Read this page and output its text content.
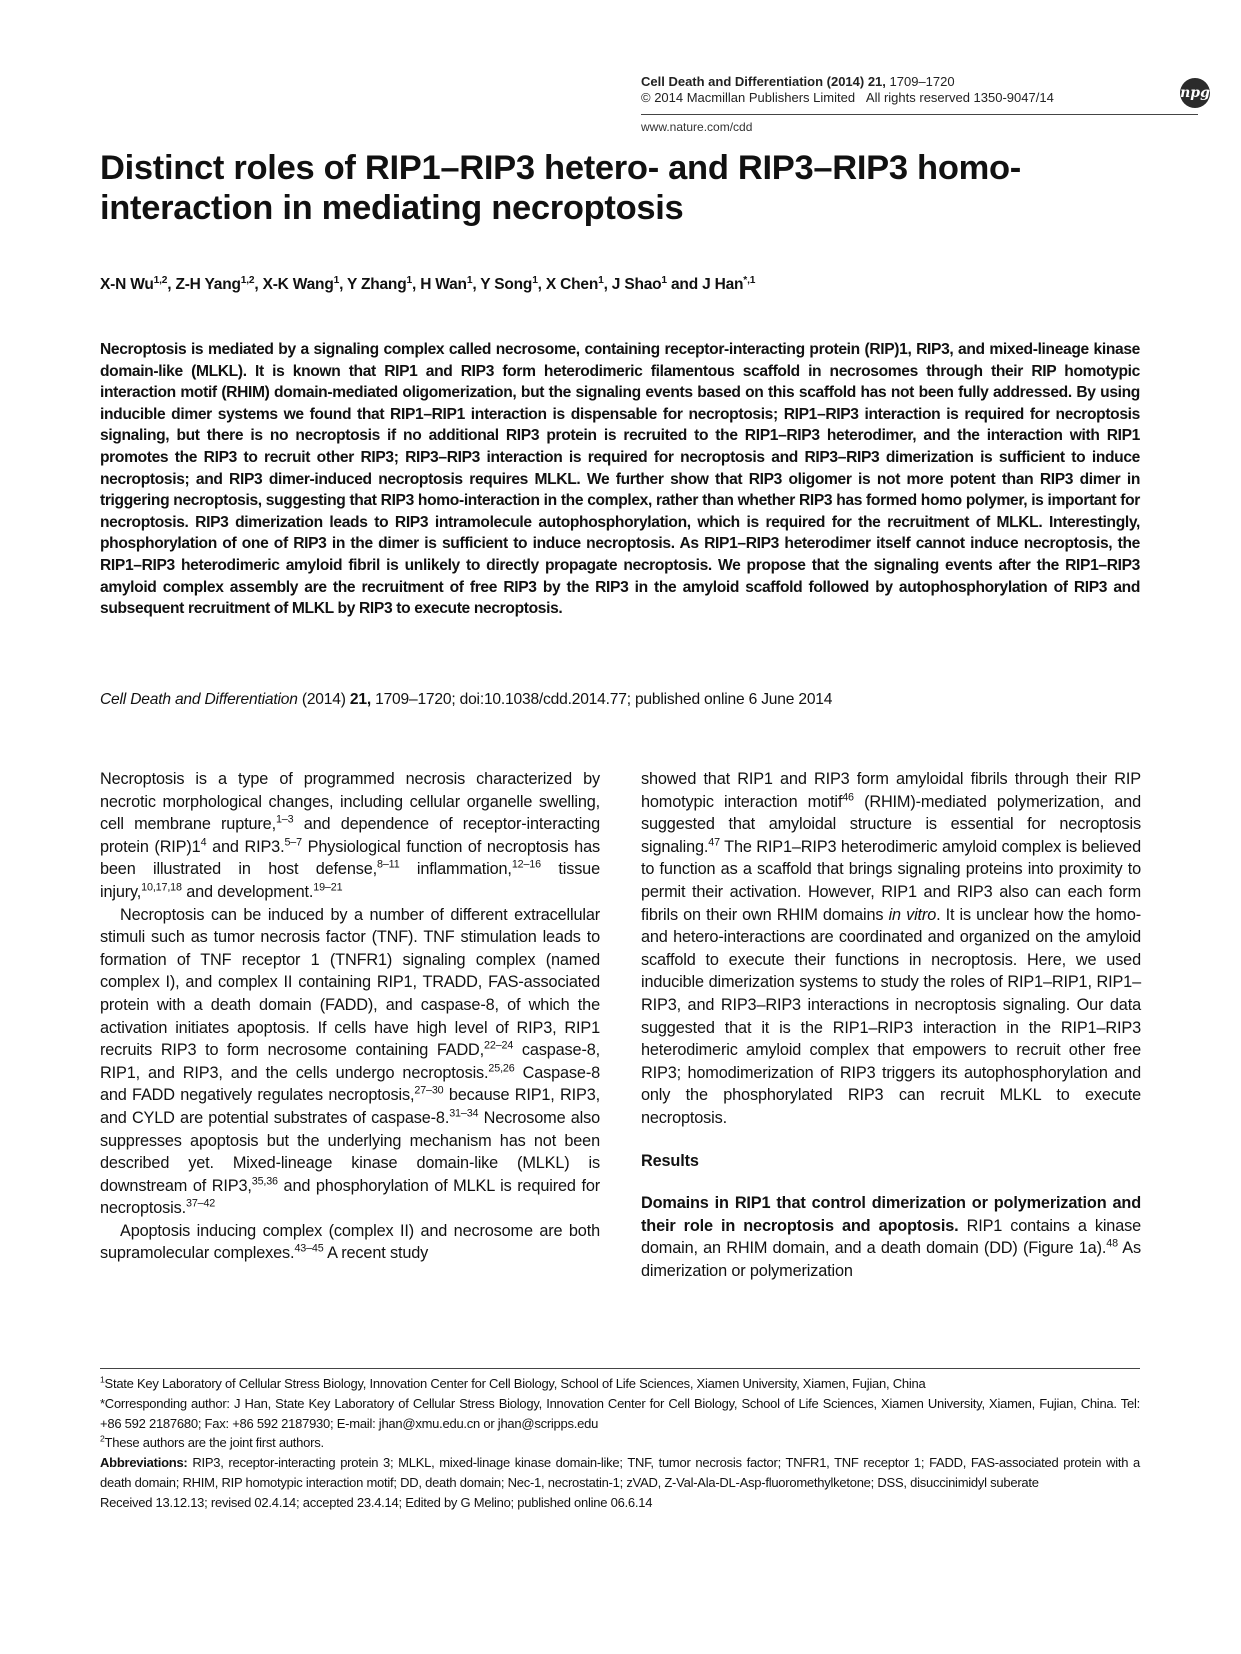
Cell Death and Differentiation (2014) 21, 1709–1720
© 2014 Macmillan Publishers Limited All rights reserved 1350-9047/14	npg
www.nature.com/cdd
Distinct roles of RIP1–RIP3 hetero- and RIP3–RIP3 homo-interaction in mediating necroptosis

X-N Wu$^{1,2}$, Z-H Yang$^{1,2}$, X-K Wang$^1$, Y Zhang$^1$, H Wan$^1$, Y Song$^1$, X Chen$^1$, J Shao$^1$ and J Han$^{*,1}$

Necroptosis is mediated by a signaling complex called necrosome, containing receptor-interacting protein (RIP)1, RIP3, and mixed-lineage kinase domain-like (MLKL). It is known that RIP1 and RIP3 form heterodimeric filamentous scaffold in necrosomes through their RIP homotypic interaction motif (RHIM) domain-mediated oligomerization, but the signaling events based on this scaffold has not been fully addressed. By using inducible dimer systems we found that RIP1–RIP1 interaction is dispensable for necroptosis; RIP1–RIP3 interaction is required for necroptosis signaling, but there is no necroptosis if no additional RIP3 protein is recruited to the RIP1–RIP3 heterodimer, and the interaction with RIP1 promotes the RIP3 to recruit other RIP3; RIP3–RIP3 interaction is required for necroptosis and RIP3–RIP3 dimerization is sufficient to induce necroptosis; and RIP3 dimer-induced necroptosis requires MLKL. We further show that RIP3 oligomer is not more potent than RIP3 dimer in triggering necroptosis, suggesting that RIP3 homo-interaction in the complex, rather than whether RIP3 has formed homo polymer, is important for necroptosis. RIP3 dimerization leads to RIP3 intramolecule autophosphorylation, which is required for the recruitment of MLKL. Interestingly, phosphorylation of one of RIP3 in the dimer is sufficient to induce necroptosis. As RIP1–RIP3 heterodimer itself cannot induce necroptosis, the RIP1–RIP3 heterodimeric amyloid fibril is unlikely to directly propagate necroptosis. We propose that the signaling events after the RIP1–RIP3 amyloid complex assembly are the recruitment of free RIP3 by the RIP3 in the amyloid scaffold followed by autophosphorylation of RIP3 and subsequent recruitment of MLKL by RIP3 to execute necroptosis.

Cell Death and Differentiation (2014) 21, 1709–1720; doi:10.1038/cdd.2014.77; published online 6 June 2014

Necroptosis is a type of programmed necrosis characterized by necrotic morphological changes, including cellular organelle swelling, cell membrane rupture,$^{1-3}$ and dependence of receptor-interacting protein $(RIP)1^4$ and RIP3.$^{5-7}$ Physiological function of necroptosis has been illustrated in host defense,$^{8-11}$ inflammation,$^{12-16}$ tissue injury,$^{10,17,18}$ and development.$^{19-21}$

Necroptosis can be induced by a number of different extracellular stimuli such as tumor necrosis factor (TNF). TNF stimulation leads to formation of TNF receptor 1 (TNFR1) signaling complex (named complex I), and complex II containing RIP1, TRADD, FAS-associated protein with a death domain (FADD), and caspase-8, of which the activation initiates apoptosis. If cells have high level of RIP3, RIP1 recruits RIP3 to form necrosome containing FADD,$^{22-24}$ caspase-8, RIP1, and RIP3, and the cells undergo necroptosis.$^{25,26}$ Caspase-8 and FADD negatively regulates necroptosis,$^{27-30}$ because RIP1, RIP3, and CYLD are potential substrates of caspase-8.$^{31-34}$ Necrosome also suppresses apoptosis but the underlying mechanism has not been described yet. Mixed-lineage kinase domain-like (MLKL) is downstream of RIP3,$^{35,36}$ and phosphorylation of MLKL is required for necroptosis.$^{37-42}$

Apoptosis inducing complex (complex II) and necrosome are both supramolecular complexes.$^{43-45}$ A recent study

showed that RIP1 and RIP3 form amyloidal fibrils through their RIP homotypic interaction motif$^{46}$ (RHIM)-mediated polymerization, and suggested that amyloidal structure is essential for necroptosis signaling.$^{47}$ The RIP1–RIP3 heterodimeric amyloid complex is believed to function as a scaffold that brings signaling proteins into proximity to permit their activation. However, RIP1 and RIP3 also can each form fibrils on their own RHIM domains in vitro. It is unclear how the homo- and hetero-interactions are coordinated and organized on the amyloid scaffold to execute their functions in necroptosis. Here, we used inducible dimerization systems to study the roles of RIP1–RIP1, RIP1–RIP3, and RIP3–RIP3 interactions in necroptosis signaling. Our data suggested that it is the RIP1–RIP3 interaction in the RIP1–RIP3 heterodimeric amyloid complex that empowers to recruit other free RIP3; homodimerization of RIP3 triggers its autophosphorylation and only the phosphorylated RIP3 can recruit MLKL to execute necroptosis.

Results

Domains in RIP1 that control dimerization or polymerization and their role in necroptosis and apoptosis. RIP1 contains a kinase domain, an RHIM domain, and a death domain (DD) (Figure 1a).$^{48}$ As dimerization or polymerization

$^1$State Key Laboratory of Cellular Stress Biology, Innovation Center for Cell Biology, School of Life Sciences, Xiamen University, Xiamen, Fujian, China

*Corresponding author: J Han, State Key Laboratory of Cellular Stress Biology, Innovation Center for Cell Biology, School of Life Sciences, Xiamen University, Xiamen, Fujian, China. Tel: +86 592 2187680; Fax: +86 592 2187930; E-mail: jhan@xmu.edu.cn or jhan@scripps.edu

$^2$These authors are the joint first authors.

Abbreviations: RIP3, receptor-interacting protein 3; MLKL, mixed-linage kinase domain-like; TNF, tumor necrosis factor; TNFR1, TNF receptor 1; FADD, FAS-associated protein with a death domain; RHIM, RIP homotypic interaction motif; DD, death domain; Nec-1, necrostatin-1; zVAD, Z-Val-Ala-DL-Asp-fluoromethylketone; DSS, disuccinimidyl suberate

Received 13.12.13; revised 02.4.14; accepted 23.4.14; Edited by G Melino; published online 06.6.14
